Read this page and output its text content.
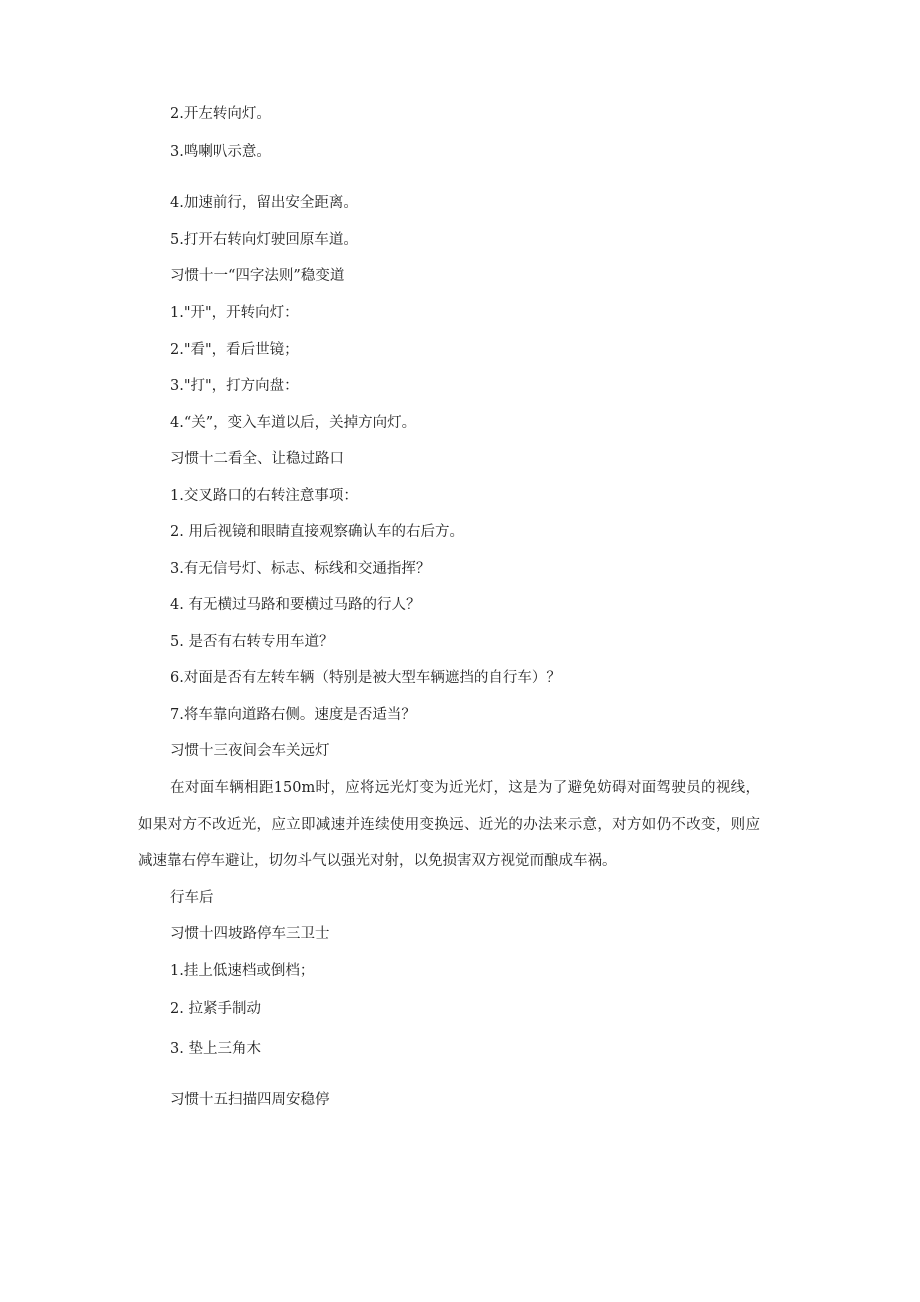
2.开左转向灯。
3.鸣喇叭示意。
4.加速前行，留出安全距离。
5.打开右转向灯驶回原车道。
习惯十一“四字法则”稳变道
1."开"，开转向灯：
2."看"，看后世镜；
3."打"，打方向盘：
4.“关”，变入车道以后，关掉方向灯。
习惯十二看全、让稳过路口
1.交叉路口的右转注意事项：
2. 用后视镜和眼睛直接观察确认车的右后方。
3.有无信号灯、标志、标线和交通指挥？
4. 有无横过马路和要横过马路的行人？
5. 是否有右转专用车道？
6.对面是否有左转车辆（特别是被大型车辆遮挡的自行车）？
7.将车靠向道路右侧。速度是否适当？
习惯十三夜间会车关远灯
在对面车辆相距150m时，应将远光灯变为近光灯，这是为了避免妨碍对面驾驶员的视线，如果对方不改近光，应立即减速并连续使用变换远、近光的办法来示意，对方如仍不改变，则应减速靠右停车避让，切勿斗气以强光对射，以免损害双方视觉而酿成车祸。
行车后
习惯十四坡路停车三卫士
1.挂上低速档或倒档；
2. 拉紧手制动
3. 垫上三角木
习惯十五扫描四周安稳停
